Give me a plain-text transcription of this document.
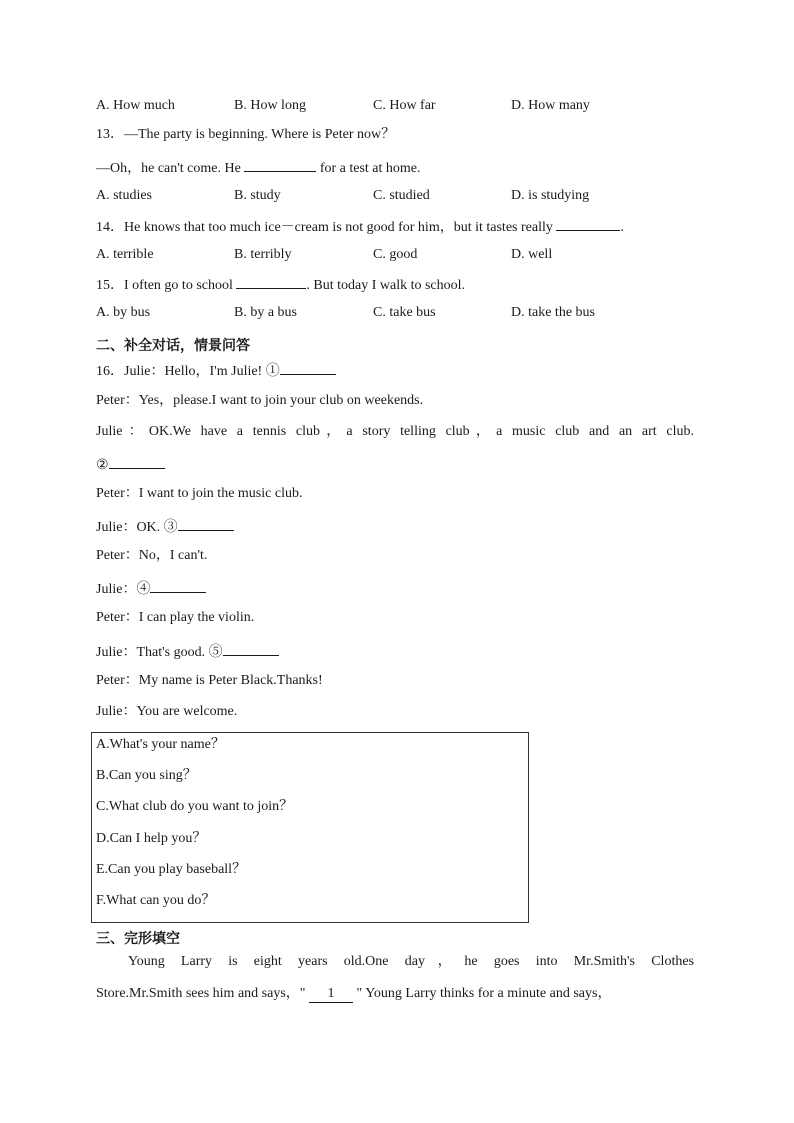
A. How much	B. How long	C. How far	D. How many
13．—The party is beginning. Where is Peter now？
—Oh，he can't come. He	for a test at home.
A. studies	B. study	C. studied	D. is studying
14．He knows that too much ice－cream is not good for him，but it tastes really	.
A. terrible	B. terribly	C. good	D. well
15．I often go to school	. But today I walk to school.
A. by bus	B. by a bus	C. take bus	D. take the bus
二、补全对话，情景问答
16．Julie：Hello，I'm Julie! ①
Peter：Yes，please.I want to join your club on weekends.
Julie：OK.We have a tennis club，a story telling club，a music club and an art club.
②
Peter：I want to join the music club.
Julie：OK. ③
Peter：No，I can't.
Julie：④
Peter：I can play the violin.
Julie：That's good. ⑤
Peter：My name is Peter Black.Thanks!
Julie：You are welcome.
A.What's your name？
B.Can you sing？
C.What club do you want to join？
D.Can I help you？
E.Can you play baseball？
F.What can you do？
三、完形填空
Young Larry is eight years old.One day，he goes into Mr.Smith's Clothes
Store.Mr.Smith sees him and says，" 1 " Young Larry thinks for a minute and says，
